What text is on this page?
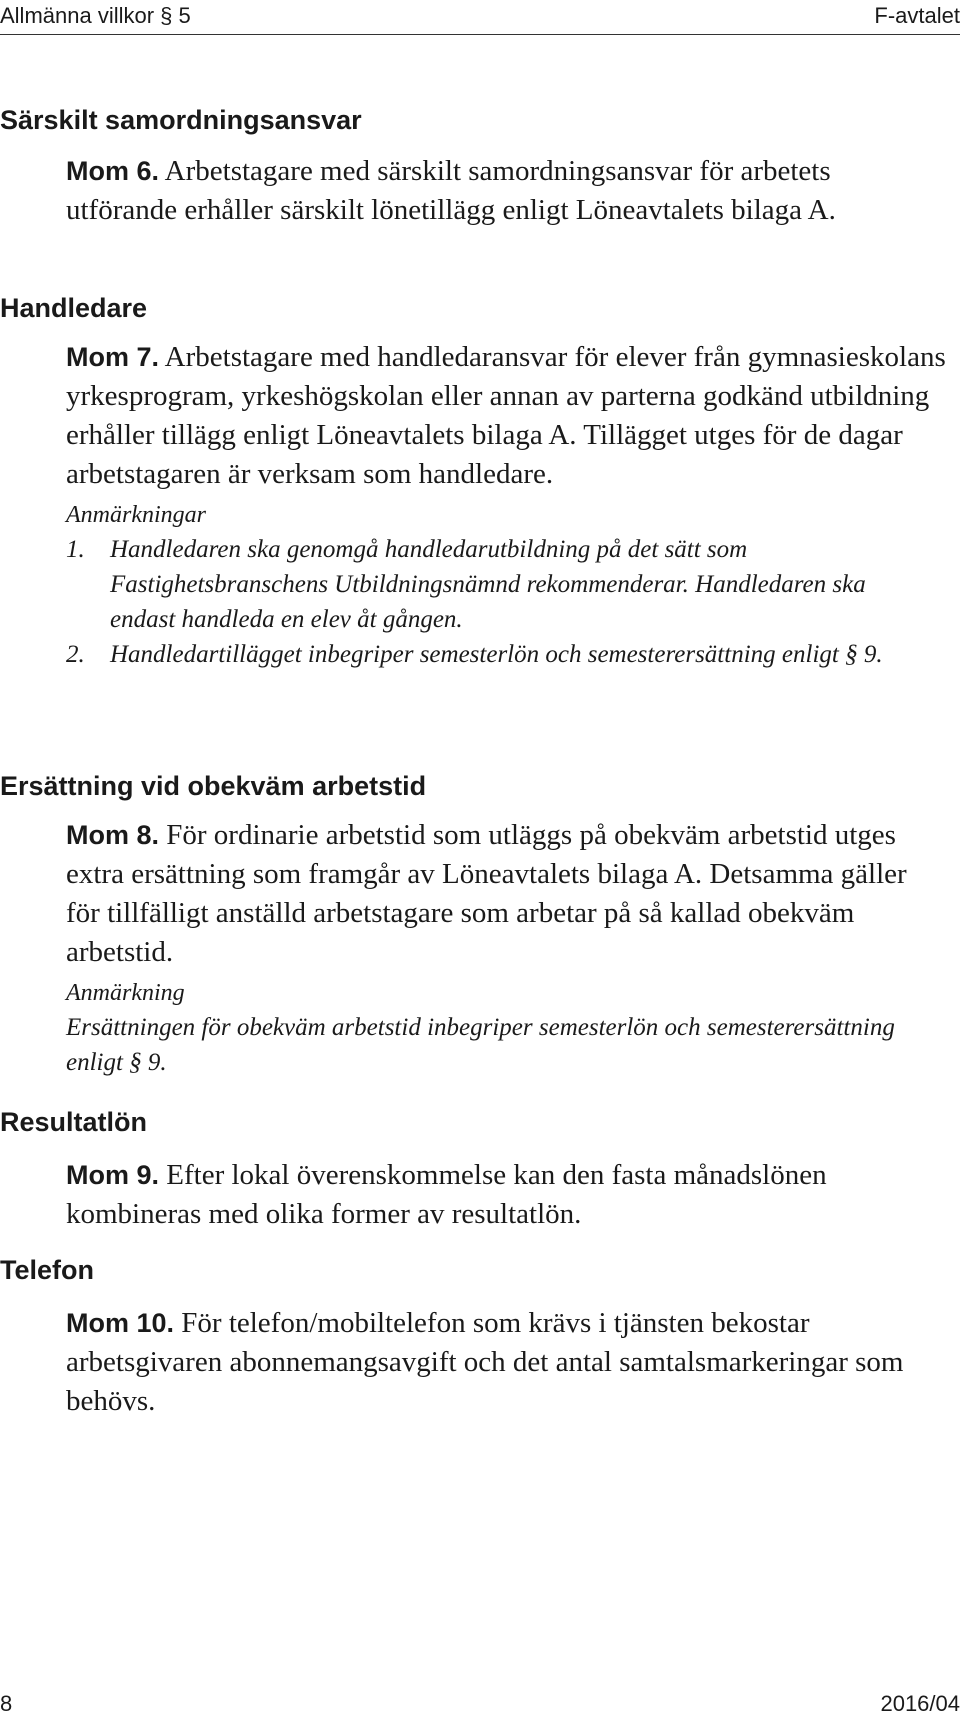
Allmänna villkor § 5	F-avtalet
Särskilt samordningsansvar

Mom 6. Arbetstagare med särskilt samordningsansvar för arbetets utförande erhåller särskilt lönetillägg enligt Löneavtalets bilaga A.

Handledare

Mom 7. Arbetstagare med handledaransvar för elever från gymnasieskolans yrkesprogram, yrkeshögskolan eller annan av parterna godkänd utbildning erhåller tillägg enligt Löneavtalets bilaga A. Tillägget utges för de dagar arbetstagaren är verksam som handledare.

Anmärkningar
1.	Handledaren ska genomgå handledarutbildning på det sätt som Fastighetsbranschens Utbildningsnämnd rekommenderar. Handledaren ska endast handleda en elev åt gången.
2.	Handledartillägget inbegriper semesterlön och semesterersättning enligt § 9.
Ersättning vid obekväm arbetstid

Mom 8. För ordinarie arbetstid som utläggs på obekväm arbetstid utges extra ersättning som framgår av Löneavtalets bilaga A. Detsamma gäller för tillfälligt anställd arbetstagare som arbetar på så kallad obekväm arbetstid.

Anmärkning
Ersättningen för obekväm arbetstid inbegriper semesterlön och semesterersättning enligt § 9.
Resultatlön

Mom 9. Efter lokal överenskommelse kan den fasta månadslönen kombineras med olika former av resultatlön.

Telefon

Mom 10. För telefon/mobiltelefon som krävs i tjänsten bekostar arbetsgivaren abonnemangsavgift och det antal samtalsmarkeringar som behövs.

8	2016/04
